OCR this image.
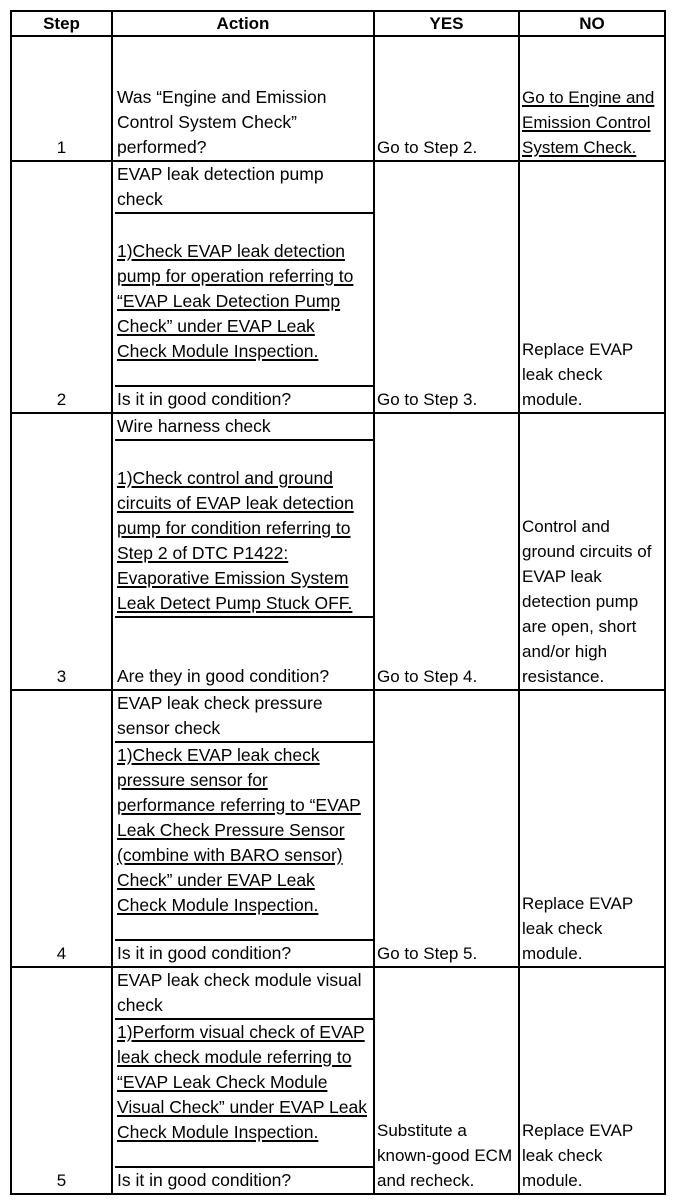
Step	Action	YES	NO
1	Was “Engine and Emission Control System Check” performed?	Go to Step 2.	Go to Engine and Emission Control System Check.
2	EVAP leak detection pump check
1)Check EVAP leak detection pump for operation referring to “EVAP Leak Detection Pump Check” under EVAP Leak Check Module Inspection.
Is it in good condition?	Go to Step 3.	Replace EVAP leak check module.
3	Wire harness check
1)Check control and ground circuits of EVAP leak detection pump for condition referring to Step 2 of DTC P1422: Evaporative Emission System Leak Detect Pump Stuck OFF.
Are they in good condition?	Go to Step 4.	Control and ground circuits of EVAP leak detection pump are open, short and/or high resistance.
4	EVAP leak check pressure sensor check
1)Check EVAP leak check pressure sensor for performance referring to “EVAP Leak Check Pressure Sensor (combine with BARO sensor) Check” under EVAP Leak Check Module Inspection.
Is it in good condition?	Go to Step 5.	Replace EVAP leak check module.
5	EVAP leak check module visual check
1)Perform visual check of EVAP leak check module referring to “EVAP Leak Check Module Visual Check” under EVAP Leak Check Module Inspection.
Is it in good condition?	Substitute a known-good ECM and recheck.	Replace EVAP leak check module.
